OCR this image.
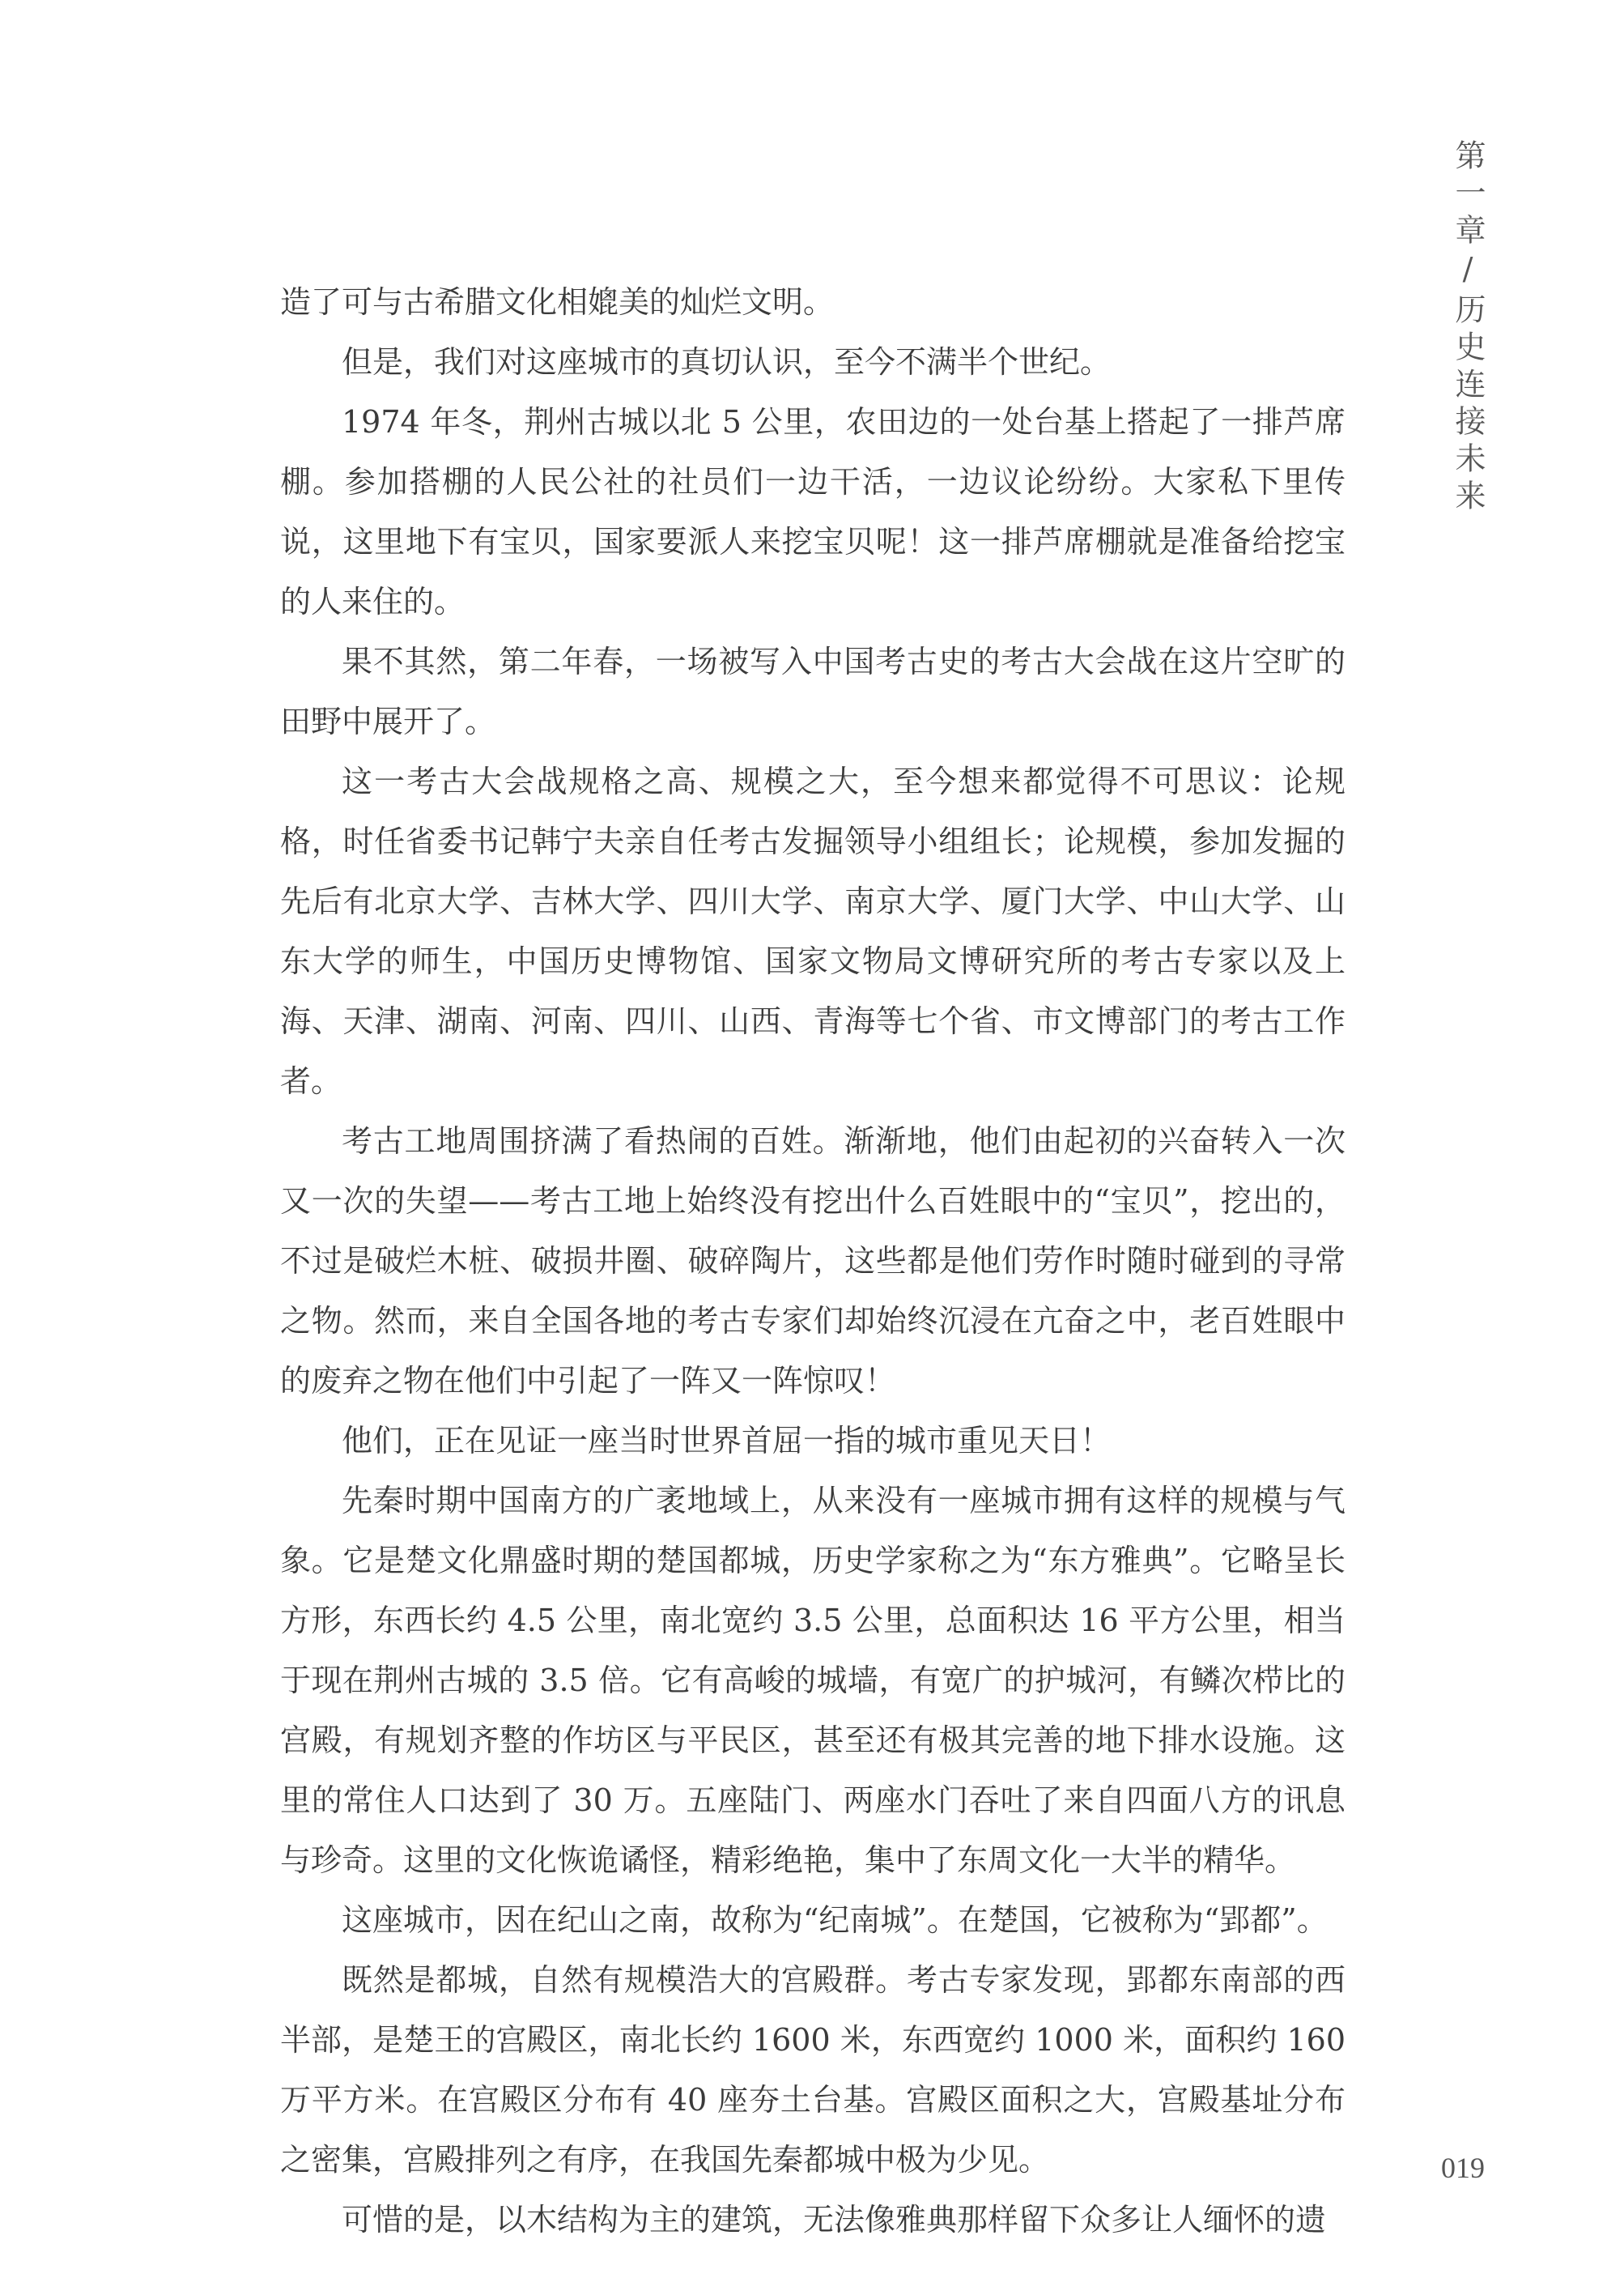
第一章/历史连接未来

造了可与古希腊文化相媲美的灿烂文明。

但是，我们对这座城市的真切认识，至今不满半个世纪。

1974 年冬，荆州古城以北 5 公里，农田边的一处台基上搭起了一排芦席棚。参加搭棚的人民公社的社员们一边干活，一边议论纷纷。大家私下里传说，这里地下有宝贝，国家要派人来挖宝贝呢！这一排芦席棚就是准备给挖宝的人来住的。

果不其然，第二年春，一场被写入中国考古史的考古大会战在这片空旷的田野中展开了。

这一考古大会战规格之高、规模之大，至今想来都觉得不可思议：论规格，时任省委书记韩宁夫亲自任考古发掘领导小组组长；论规模，参加发掘的先后有北京大学、吉林大学、四川大学、南京大学、厦门大学、中山大学、山东大学的师生，中国历史博物馆、国家文物局文博研究所的考古专家以及上海、天津、湖南、河南、四川、山西、青海等七个省、市文博部门的考古工作者。

考古工地周围挤满了看热闹的百姓。渐渐地，他们由起初的兴奋转入一次又一次的失望——考古工地上始终没有挖出什么百姓眼中的“宝贝”，挖出的，不过是破烂木桩、破损井圈、破碎陶片，这些都是他们劳作时随时碰到的寻常之物。然而，来自全国各地的考古专家们却始终沉浸在亢奋之中，老百姓眼中的废弃之物在他们中引起了一阵又一阵惊叹！

他们，正在见证一座当时世界首屈一指的城市重见天日！

先秦时期中国南方的广袤地域上，从来没有一座城市拥有这样的规模与气象。它是楚文化鼎盛时期的楚国都城，历史学家称之为“东方雅典”。它略呈长方形，东西长约 4.5 公里，南北宽约 3.5 公里，总面积达 16 平方公里，相当于现在荆州古城的 3.5 倍。它有高峻的城墙，有宽广的护城河，有鳞次栉比的宫殿，有规划齐整的作坊区与平民区，甚至还有极其完善的地下排水设施。这里的常住人口达到了 30 万。五座陆门、两座水门吞吐了来自四面八方的讯息与珍奇。这里的文化恢诡谲怪，精彩绝艳，集中了东周文化一大半的精华。

这座城市，因在纪山之南，故称为“纪南城”。在楚国，它被称为“郢都”。

既然是都城，自然有规模浩大的宫殿群。考古专家发现，郢都东南部的西半部，是楚王的宫殿区，南北长约 1600 米，东西宽约 1000 米，面积约 160 万平方米。在宫殿区分布有 40 座夯土台基。宫殿区面积之大，宫殿基址分布之密集，宫殿排列之有序，在我国先秦都城中极为少见。

可惜的是，以木结构为主的建筑，无法像雅典那样留下众多让人缅怀的遗

019
